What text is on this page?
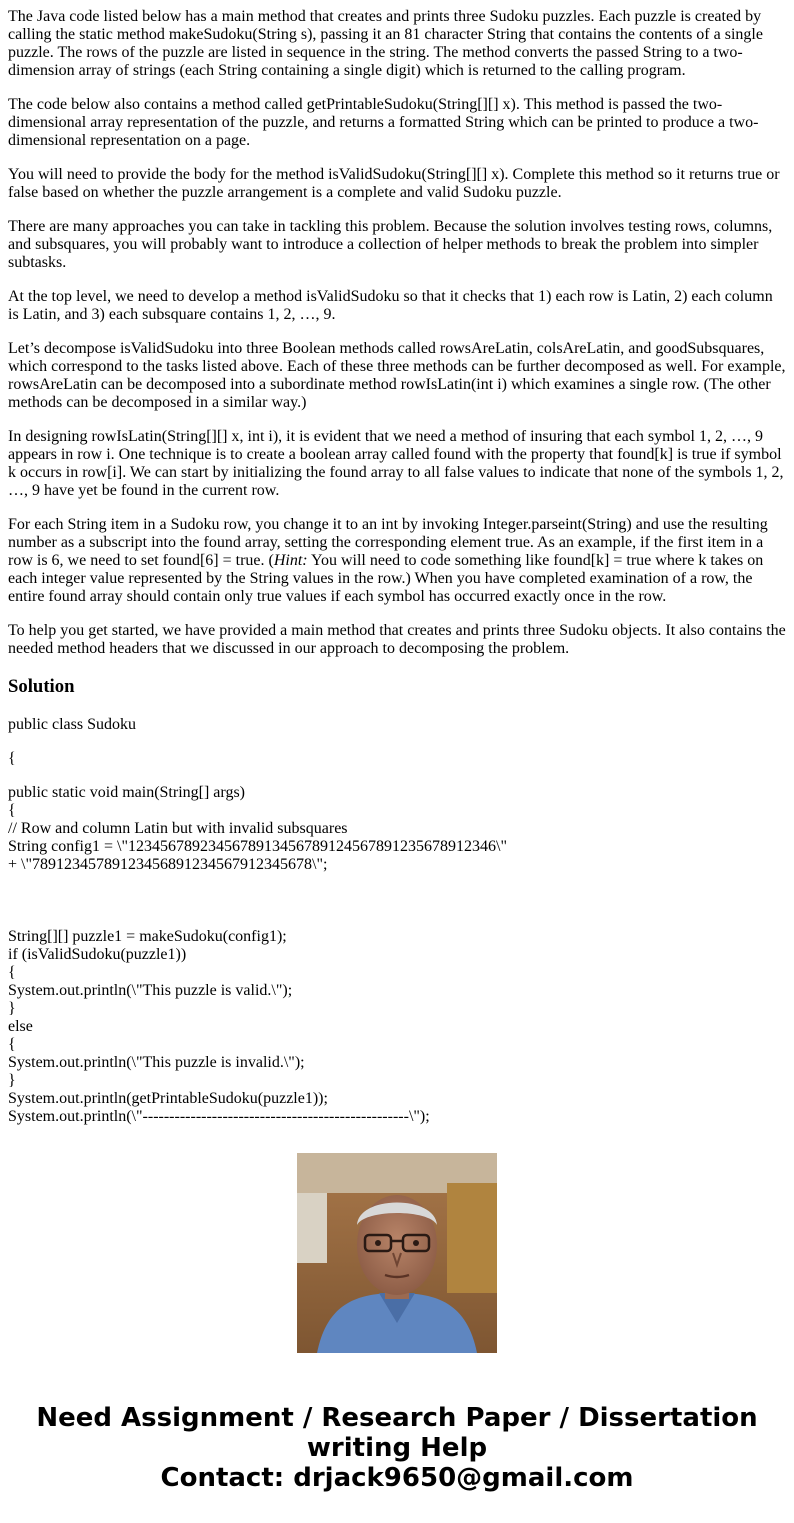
The Java code listed below has a main method that creates and prints three Sudoku puzzles. Each puzzle is created by calling the static method makeSudoku(String s), passing it an 81 character String that contains the contents of a single puzzle. The rows of the puzzle are listed in sequence in the string. The method converts the passed String to a two-dimension array of strings (each String containing a single digit) which is returned to the calling program.

The code below also contains a method called getPrintableSudoku(String[][] x). This method is passed the two-dimensional array representation of the puzzle, and returns a formatted String which can be printed to produce a two-dimensional representation on a page.

You will need to provide the body for the method isValidSudoku(String[][] x). Complete this method so it returns true or false based on whether the puzzle arrangement is a complete and valid Sudoku puzzle.

There are many approaches you can take in tackling this problem. Because the solution involves testing rows, columns, and subsquares, you will probably want to introduce a collection of helper methods to break the problem into simpler subtasks.

At the top level, we need to develop a method isValidSudoku so that it checks that 1) each row is Latin, 2) each column is Latin, and 3) each subsquare contains 1, 2, …, 9.

Let’s decompose isValidSudoku into three Boolean methods called rowsAreLatin, colsAreLatin, and goodSubsquares, which correspond to the tasks listed above. Each of these three methods can be further decomposed as well. For example, rowsAreLatin can be decomposed into a subordinate method rowIsLatin(int i) which examines a single row. (The other methods can be decomposed in a similar way.)

In designing rowIsLatin(String[][] x, int i), it is evident that we need a method of insuring that each symbol 1, 2, …, 9 appears in row i. One technique is to create a boolean array called found with the property that found[k] is true if symbol k occurs in row[i]. We can start by initializing the found array to all false values to indicate that none of the symbols 1, 2, …, 9 have yet be found in the current row.

For each String item in a Sudoku row, you change it to an int by invoking Integer.parseint(String) and use the resulting number as a subscript into the found array, setting the corresponding element true. As an example, if the first item in a row is 6, we need to set found[6] = true. (Hint: You will need to code something like found[k] = true where k takes on each integer value represented by the String values in the row.) When you have completed examination of a row, the entire found array should contain only true values if each symbol has occurred exactly once in the row.

To help you get started, we have provided a main method that creates and prints three Sudoku objects. It also contains the needed method headers that we discussed in our approach to decomposing the problem.

Solution

public class Sudoku

{

public static void main(String[] args)
{
// Row and column Latin but with invalid subsquares
String config1 = \"1234567892345678913456789124567891235678912346\"
+ \"78912345789123456891234567912345678\";
String[][] puzzle1 = makeSudoku(config1);
if (isValidSudoku(puzzle1))
{
System.out.println(\"This puzzle is valid.\");
}
else
{
System.out.println(\"This puzzle is invalid.\");
}
System.out.println(getPrintableSudoku(puzzle1));
System.out.println(\"--------------------------------------------------\");
Need Assignment / Research Paper / Dissertation
writing Help
Contact: drjack9650@gmail.com
